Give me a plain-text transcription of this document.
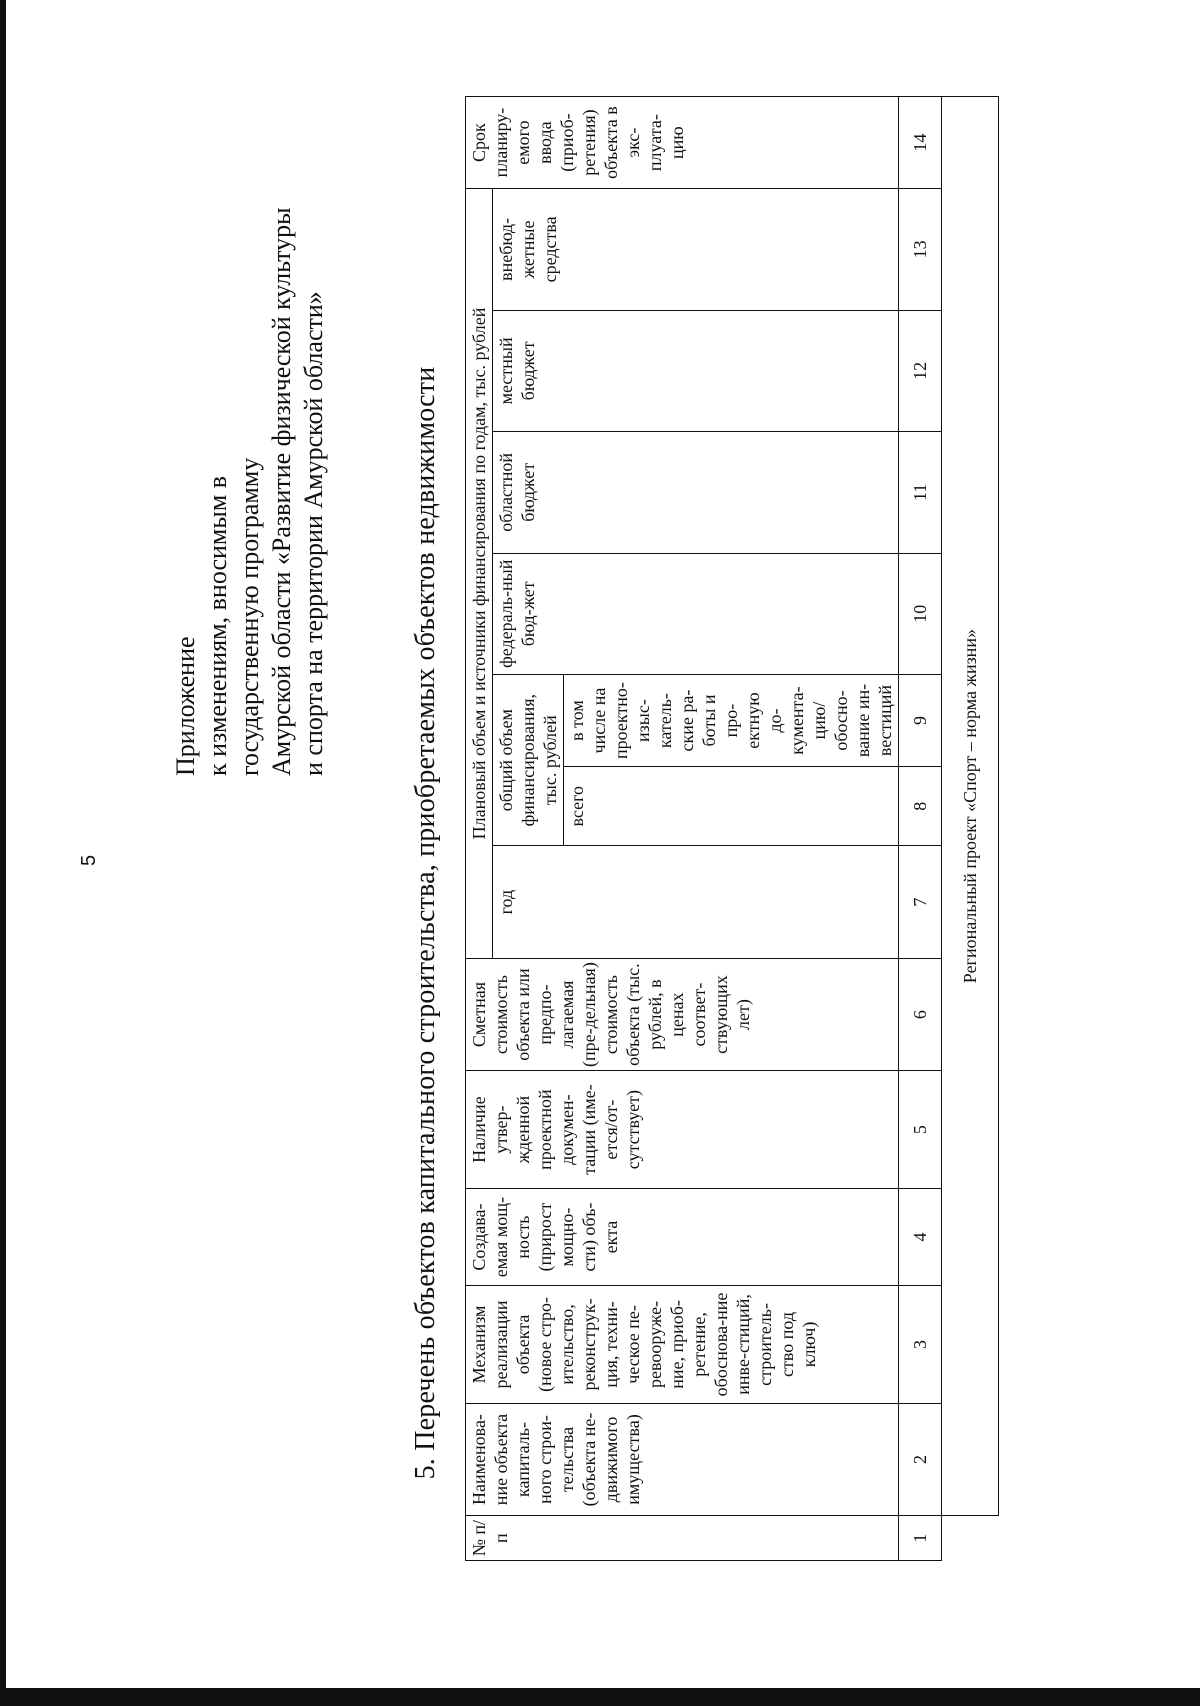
5
Приложение к изменениям, вносимым в государственную программу Амурской области «Развитие физической культуры и спорта на территории Амурской области»	5. Перечень объектов капитального строительства, приобретаемых объектов недвижимости
№ п/п	Наименова-ние объекта капиталь-ного строи-тельства (объекта не-движимого имущества)	Механизм реализации объекта (новое стро-ительство, реконструк-ция, техни-ческое пе-ревооруже-ние, приоб-ретение, обоснова-ние инве-стиций, строитель-ство под ключ)	Создава-емая мощ-ность (прирост мощно-сти) объ-екта	Наличие утвер-жденной проектной докумен-тации (име-ется/от-сутствует)	Сметная стоимость объекта или предпо-лагаемая (пре-дельная) стоимость объекта (тыс. рублей, в ценах соответ-ствующих лет)	Плановый объем и источники финансирования по годам, тыс. рублей							Срок планиру-емого ввода (приоб-ретения) объекта в экс-плуата-цию
						год	общий объем финансирования, тыс. рублей		федераль-ный бюд-жет	областной бюджет	местный бюджет	внебюд-жетные средства	
							всего	в том числе на проектно-изыс-катель-ские ра-боты и про-ектную до-кумента-цию/ обосно-вание ин-вестиций					
1	2	3	4	5	6	7	8	9	10	11	12	13	14
	Региональный проект «Спорт – норма жизни»												
